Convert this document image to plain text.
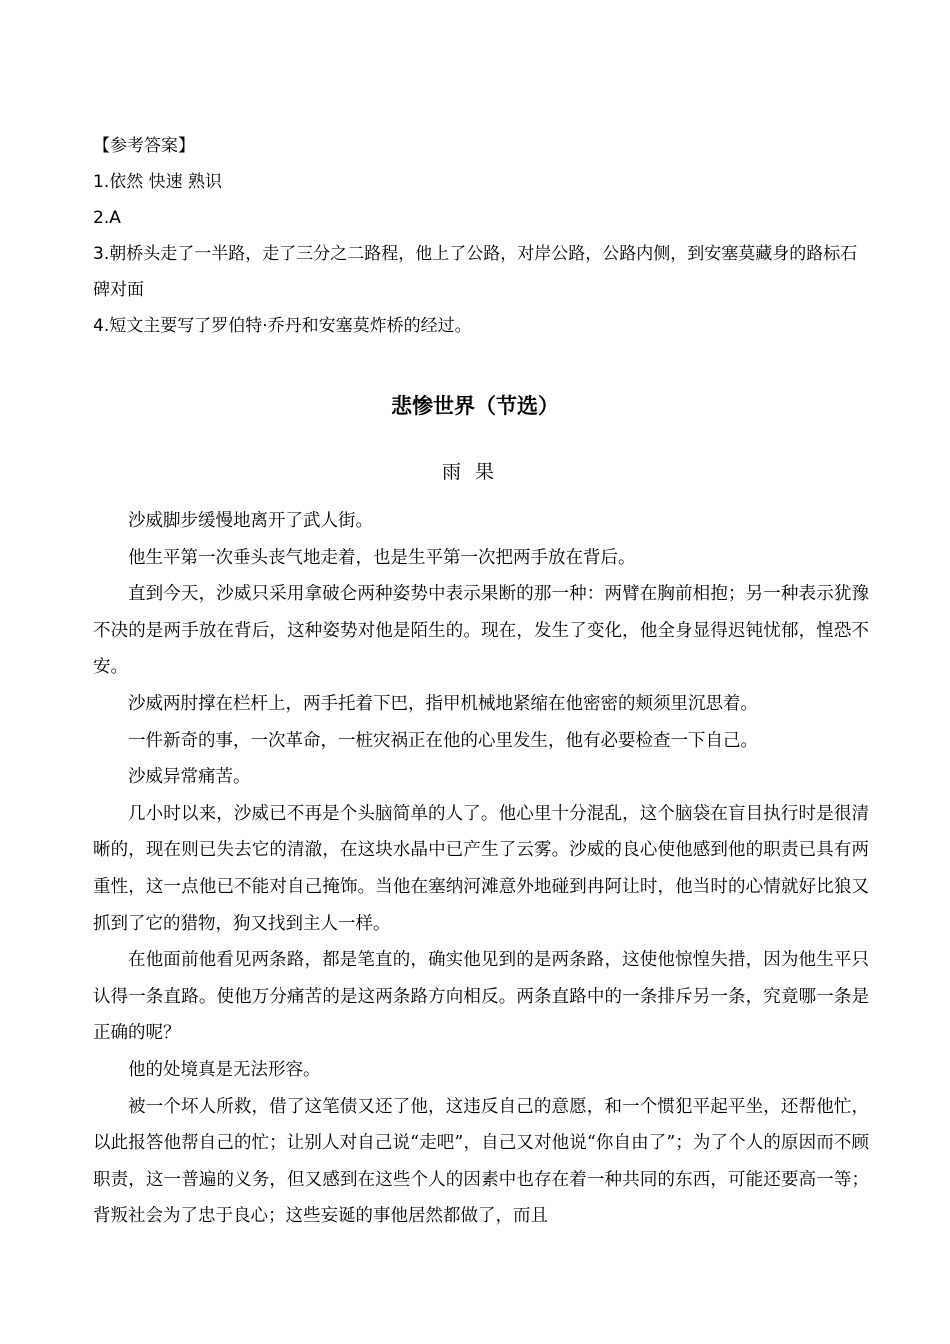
【参考答案】

1.依然 快速 熟识

2.A

3.朝桥头走了一半路，走了三分之二路程，他上了公路，对岸公路，公路内侧，到安塞莫藏身的路标石碑对面

4.短文主要写了罗伯特·乔丹和安塞莫炸桥的经过。

悲惨世界（节选）
雨果

沙威脚步缓慢地离开了武人街。

他生平第一次垂头丧气地走着，也是生平第一次把两手放在背后。

直到今天，沙威只采用拿破仑两种姿势中表示果断的那一种：两臂在胸前相抱；另一种表示犹豫不决的是两手放在背后，这种姿势对他是陌生的。现在，发生了变化，他全身显得迟钝忧郁，惶恐不安。

沙威两肘撑在栏杆上，两手托着下巴，指甲机械地紧缩在他密密的颊须里沉思着。

一件新奇的事，一次革命，一桩灾祸正在他的心里发生，他有必要检查一下自己。

沙威异常痛苦。

几小时以来，沙威已不再是个头脑简单的人了。他心里十分混乱，这个脑袋在盲目执行时是很清晰的，现在则已失去它的清澈，在这块水晶中已产生了云雾。沙威的良心使他感到他的职责已具有两重性，这一点他已不能对自己掩饰。当他在塞纳河滩意外地碰到冉阿让时，他当时的心情就好比狼又抓到了它的猎物，狗又找到主人一样。

在他面前他看见两条路，都是笔直的，确实他见到的是两条路，这使他惊惶失措，因为他生平只认得一条直路。使他万分痛苦的是这两条路方向相反。两条直路中的一条排斥另一条，究竟哪一条是正确的呢？

他的处境真是无法形容。

被一个坏人所救，借了这笔债又还了他，这违反自己的意愿，和一个惯犯平起平坐，还帮他忙，以此报答他帮自己的忙；让别人对自己说“走吧”，自己又对他说“你自由了”；为了个人的原因而不顾职责，这一普遍的义务，但又感到在这些个人的因素中也存在着一种共同的东西，可能还要高一等；背叛社会为了忠于良心；这些妄诞的事他居然都做了，而且
